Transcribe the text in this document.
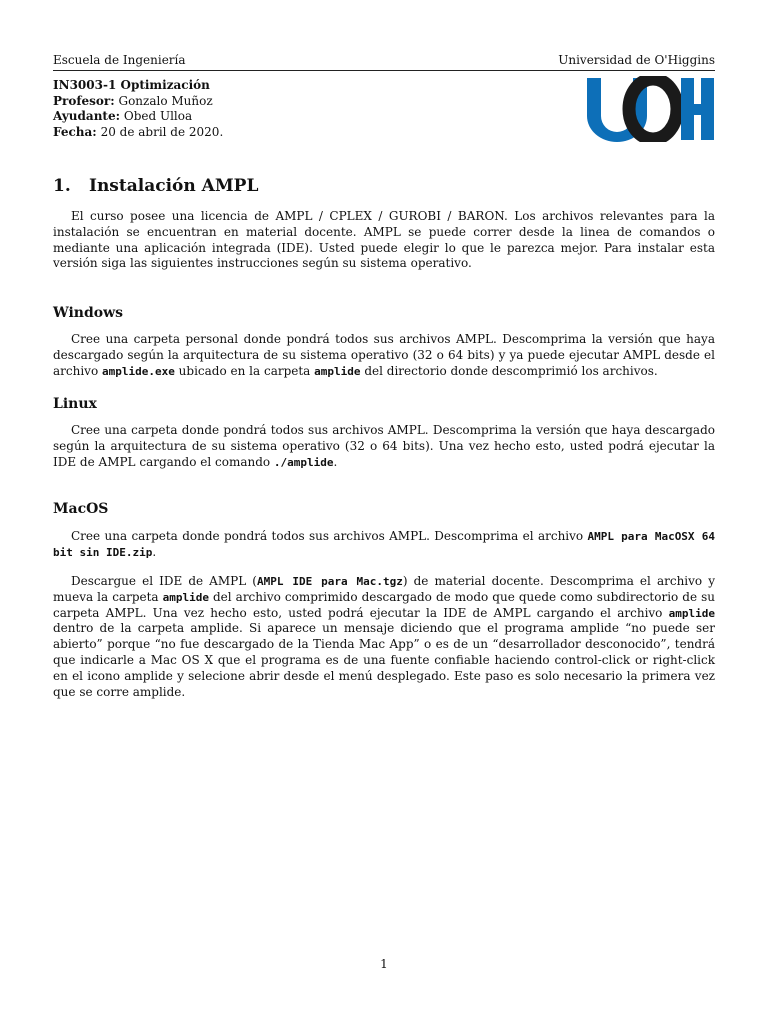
Escuela de Ingeniería	Universidad de O'Higgins
IN3003-1 Optimización
Profesor: Gonzalo Muñoz
Ayudante: Obed Ulloa
Fecha: 20 de abril de 2020.
1. Instalación AMPL

El curso posee una licencia de AMPL / CPLEX / GUROBI / BARON. Los archivos relevantes para la instalación se encuentran en material docente. AMPL se puede correr desde la linea de comandos o mediante una aplicación integrada (IDE). Usted puede elegir lo que le parezca mejor. Para instalar esta versión siga las siguientes instrucciones según su sistema operativo.

Windows

Cree una carpeta personal donde pondrá todos sus archivos AMPL. Descomprima la versión que haya descargado según la arquitectura de su sistema operativo (32 o 64 bits) y ya puede ejecutar AMPL desde el archivo amplide.exe ubicado en la carpeta amplide del directorio donde descomprimió los archivos.

Linux

Cree una carpeta donde pondrá todos sus archivos AMPL. Descomprima la versión que haya descargado según la arquitectura de su sistema operativo (32 o 64 bits). Una vez hecho esto, usted podrá ejecutar la IDE de AMPL cargando el comando ./amplide.

MacOS

Cree una carpeta donde pondrá todos sus archivos AMPL. Descomprima el archivo AMPL para MacOSX 64 bit sin IDE.zip.

Descargue el IDE de AMPL (AMPL IDE para Mac.tgz) de material docente. Descomprima el archivo y mueva la carpeta amplide del archivo comprimido descargado de modo que quede como subdirectorio de su carpeta AMPL. Una vez hecho esto, usted podrá ejecutar la IDE de AMPL cargando el archivo amplide dentro de la carpeta amplide. Si aparece un mensaje diciendo que el programa amplide “no puede ser abierto” porque “no fue descargado de la Tienda Mac App” o es de un “desarrollador desconocido”, tendrá que indicarle a Mac OS X que el programa es de una fuente confiable haciendo control-click or right-click en el icono amplide y selecione abrir desde el menú desplegado. Este paso es solo necesario la primera vez que se corre amplide.

1
